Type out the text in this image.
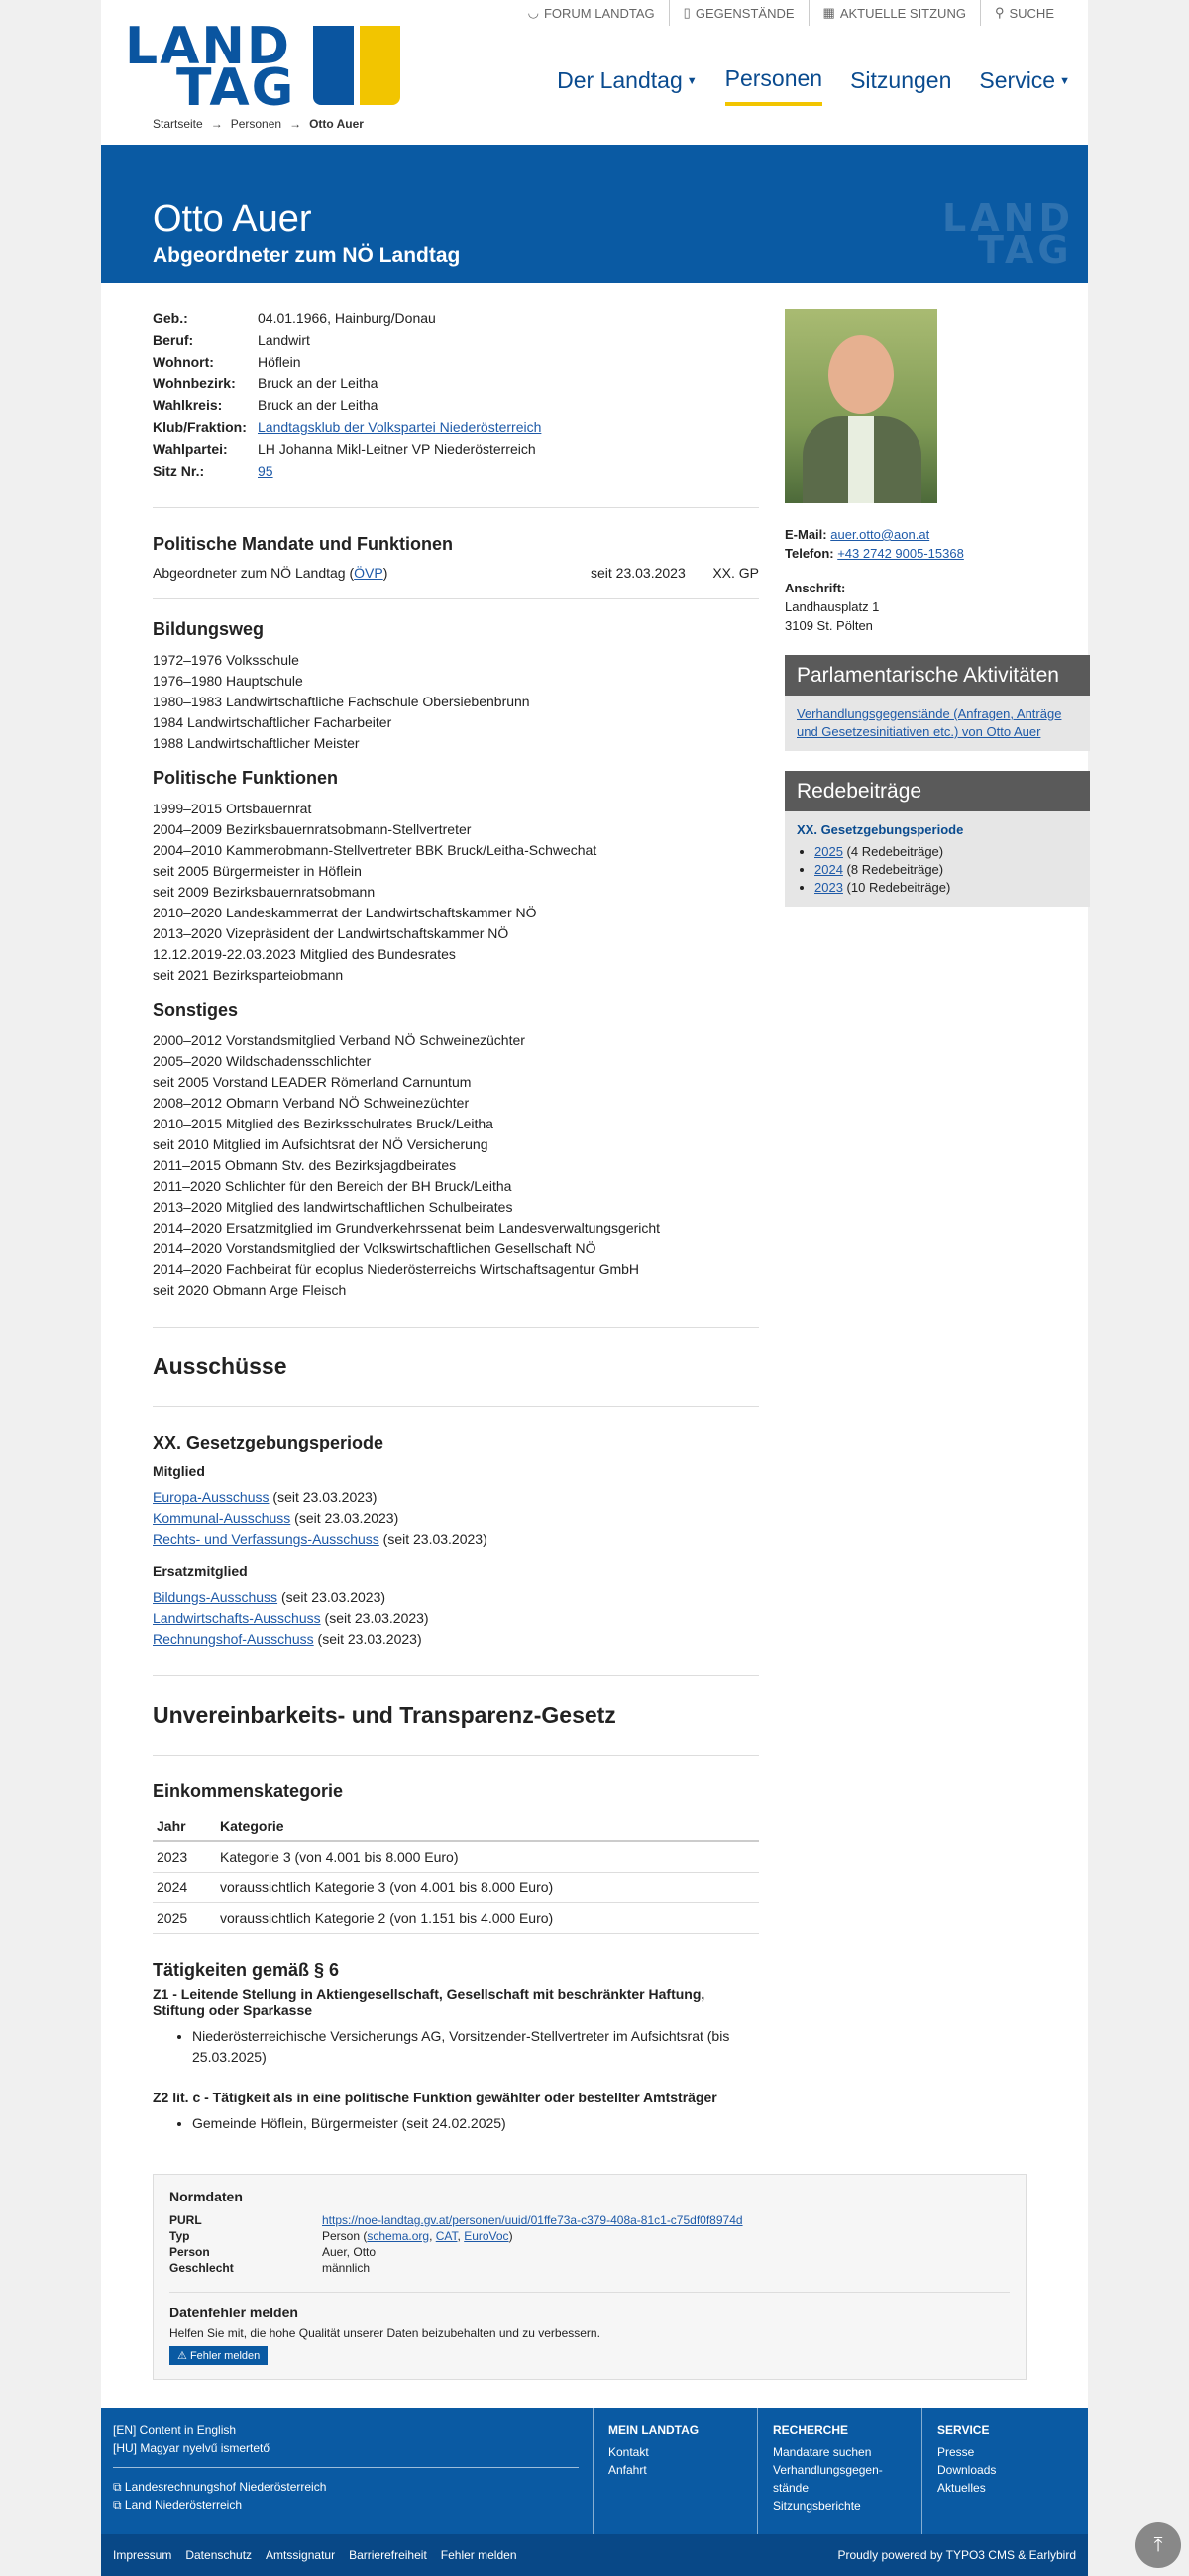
LAND
TAG
◡ FORUM LANDTAG ▯ GEGENSTÄNDE ▦ AKTUELLE SITZUNG ⚲ SUCHE
Der Landtag ▼ Personen Sitzungen Service ▼
Startseite → Personen → Otto Auer
Otto Auer
Abgeordneter zum NÖ Landtag
LAND
TAG
Geb.:	04.01.1966, Hainburg/Donau
Beruf:	Landwirt
Wohnort:	Höflein
Wohnbezirk:	Bruck an der Leitha
Wahlkreis:	Bruck an der Leitha
Klub/Fraktion:	Landtagsklub der Volkspartei Niederösterreich
Wahlpartei:	LH Johanna Mikl-Leitner VP Niederösterreich
Sitz Nr.:	95
Politische Mandate und Funktionen
Abgeordneter zum NÖ Landtag (ÖVP)	seit 23.03.2023	XX. GP
Bildungsweg
1972–1976 Volksschule
1976–1980 Hauptschule
1980–1983 Landwirtschaftliche Fachschule Obersiebenbrunn
1984 Landwirtschaftlicher Facharbeiter
1988 Landwirtschaftlicher Meister
Politische Funktionen
1999–2015 Ortsbauernrat
2004–2009 Bezirksbauernratsobmann-Stellvertreter
2004–2010 Kammerobmann-Stellvertreter BBK Bruck/Leitha-Schwechat
seit 2005 Bürgermeister in Höflein
seit 2009 Bezirksbauernratsobmann
2010–2020 Landeskammerrat der Landwirtschaftskammer NÖ
2013–2020 Vizepräsident der Landwirtschaftskammer NÖ
12.12.2019-22.03.2023 Mitglied des Bundesrates
seit 2021 Bezirksparteiobmann
Sonstiges
2000–2012 Vorstandsmitglied Verband NÖ Schweinezüchter
2005–2020 Wildschadensschlichter
seit 2005 Vorstand LEADER Römerland Carnuntum
2008–2012 Obmann Verband NÖ Schweinezüchter
2010–2015 Mitglied des Bezirksschulrates Bruck/Leitha
seit 2010 Mitglied im Aufsichtsrat der NÖ Versicherung
2011–2015 Obmann Stv. des Bezirksjagdbeirates
2011–2020 Schlichter für den Bereich der BH Bruck/Leitha
2013–2020 Mitglied des landwirtschaftlichen Schulbeirates
2014–2020 Ersatzmitglied im Grundverkehrssenat beim Landesverwaltungsgericht
2014–2020 Vorstandsmitglied der Volkswirtschaftlichen Gesellschaft NÖ
2014–2020 Fachbeirat für ecoplus Niederösterreichs Wirtschaftsagentur GmbH
seit 2020 Obmann Arge Fleisch
Ausschüsse
XX. Gesetzgebungsperiode
Mitglied
Europa-Ausschuss (seit 23.03.2023)
Kommunal-Ausschuss (seit 23.03.2023)
Rechts- und Verfassungs-Ausschuss (seit 23.03.2023)
Ersatzmitglied
Bildungs-Ausschuss (seit 23.03.2023)
Landwirtschafts-Ausschuss (seit 23.03.2023)
Rechnungshof-Ausschuss (seit 23.03.2023)
Unvereinbarkeits- und Transparenz-Gesetz
Einkommenskategorie
Jahr	Kategorie
2023	Kategorie 3 (von 4.001 bis 8.000 Euro)
2024	voraussichtlich Kategorie 3 (von 4.001 bis 8.000 Euro)
2025	voraussichtlich Kategorie 2 (von 1.151 bis 4.000 Euro)
Tätigkeiten gemäß § 6
Z1 - Leitende Stellung in Aktiengesellschaft, Gesellschaft mit beschränkter Haftung, Stiftung oder Sparkasse
• Niederösterreichische Versicherungs AG, Vorsitzender-Stellvertreter im Aufsichtsrat (bis 25.03.2025)
Z2 lit. c - Tätigkeit als in eine politische Funktion gewählter oder bestellter Amtsträger
• Gemeinde Höflein, Bürgermeister (seit 24.02.2025)
E-Mail: auer.otto@aon.at
Telefon: +43 2742 9005-15368
Anschrift:
Landhausplatz 1
3109 St. Pölten
Parlamentarische Aktivitäten
Verhandlungsgegenstände (Anfragen, Anträge und Gesetzesinitiativen etc.) von Otto Auer
Redebeiträge
XX. Gesetzgebungsperiode
• 2025 (4 Redebeiträge)
• 2024 (8 Redebeiträge)
• 2023 (10 Redebeiträge)
Normdaten
PURL	https://noe-landtag.gv.at/personen/uuid/01ffe73a-c379-408a-81c1-c75df0f8974d
Typ	Person (schema.org, CAT, EuroVoc)
Person	Auer, Otto
Geschlecht	männlich
Datenfehler melden
Helfen Sie mit, die hohe Qualität unserer Daten beizubehalten und zu verbessern.
⚠ Fehler melden
[EN] Content in English
[HU] Magyar nyelvű ismertető
⧉ Landesrechnungshof Niederösterreich
⧉ Land Niederösterreich
MEIN LANDTAG
Kontakt
Anfahrt
RECHERCHE
Mandatare suchen
Verhandlungsgegen-
stände
Sitzungsberichte
SERVICE
Presse
Downloads
Aktuelles
Impressum Datenschutz Amtssignatur Barrierefreiheit Fehler melden	Proudly powered by TYPO3 CMS & Earlybird	⤒
